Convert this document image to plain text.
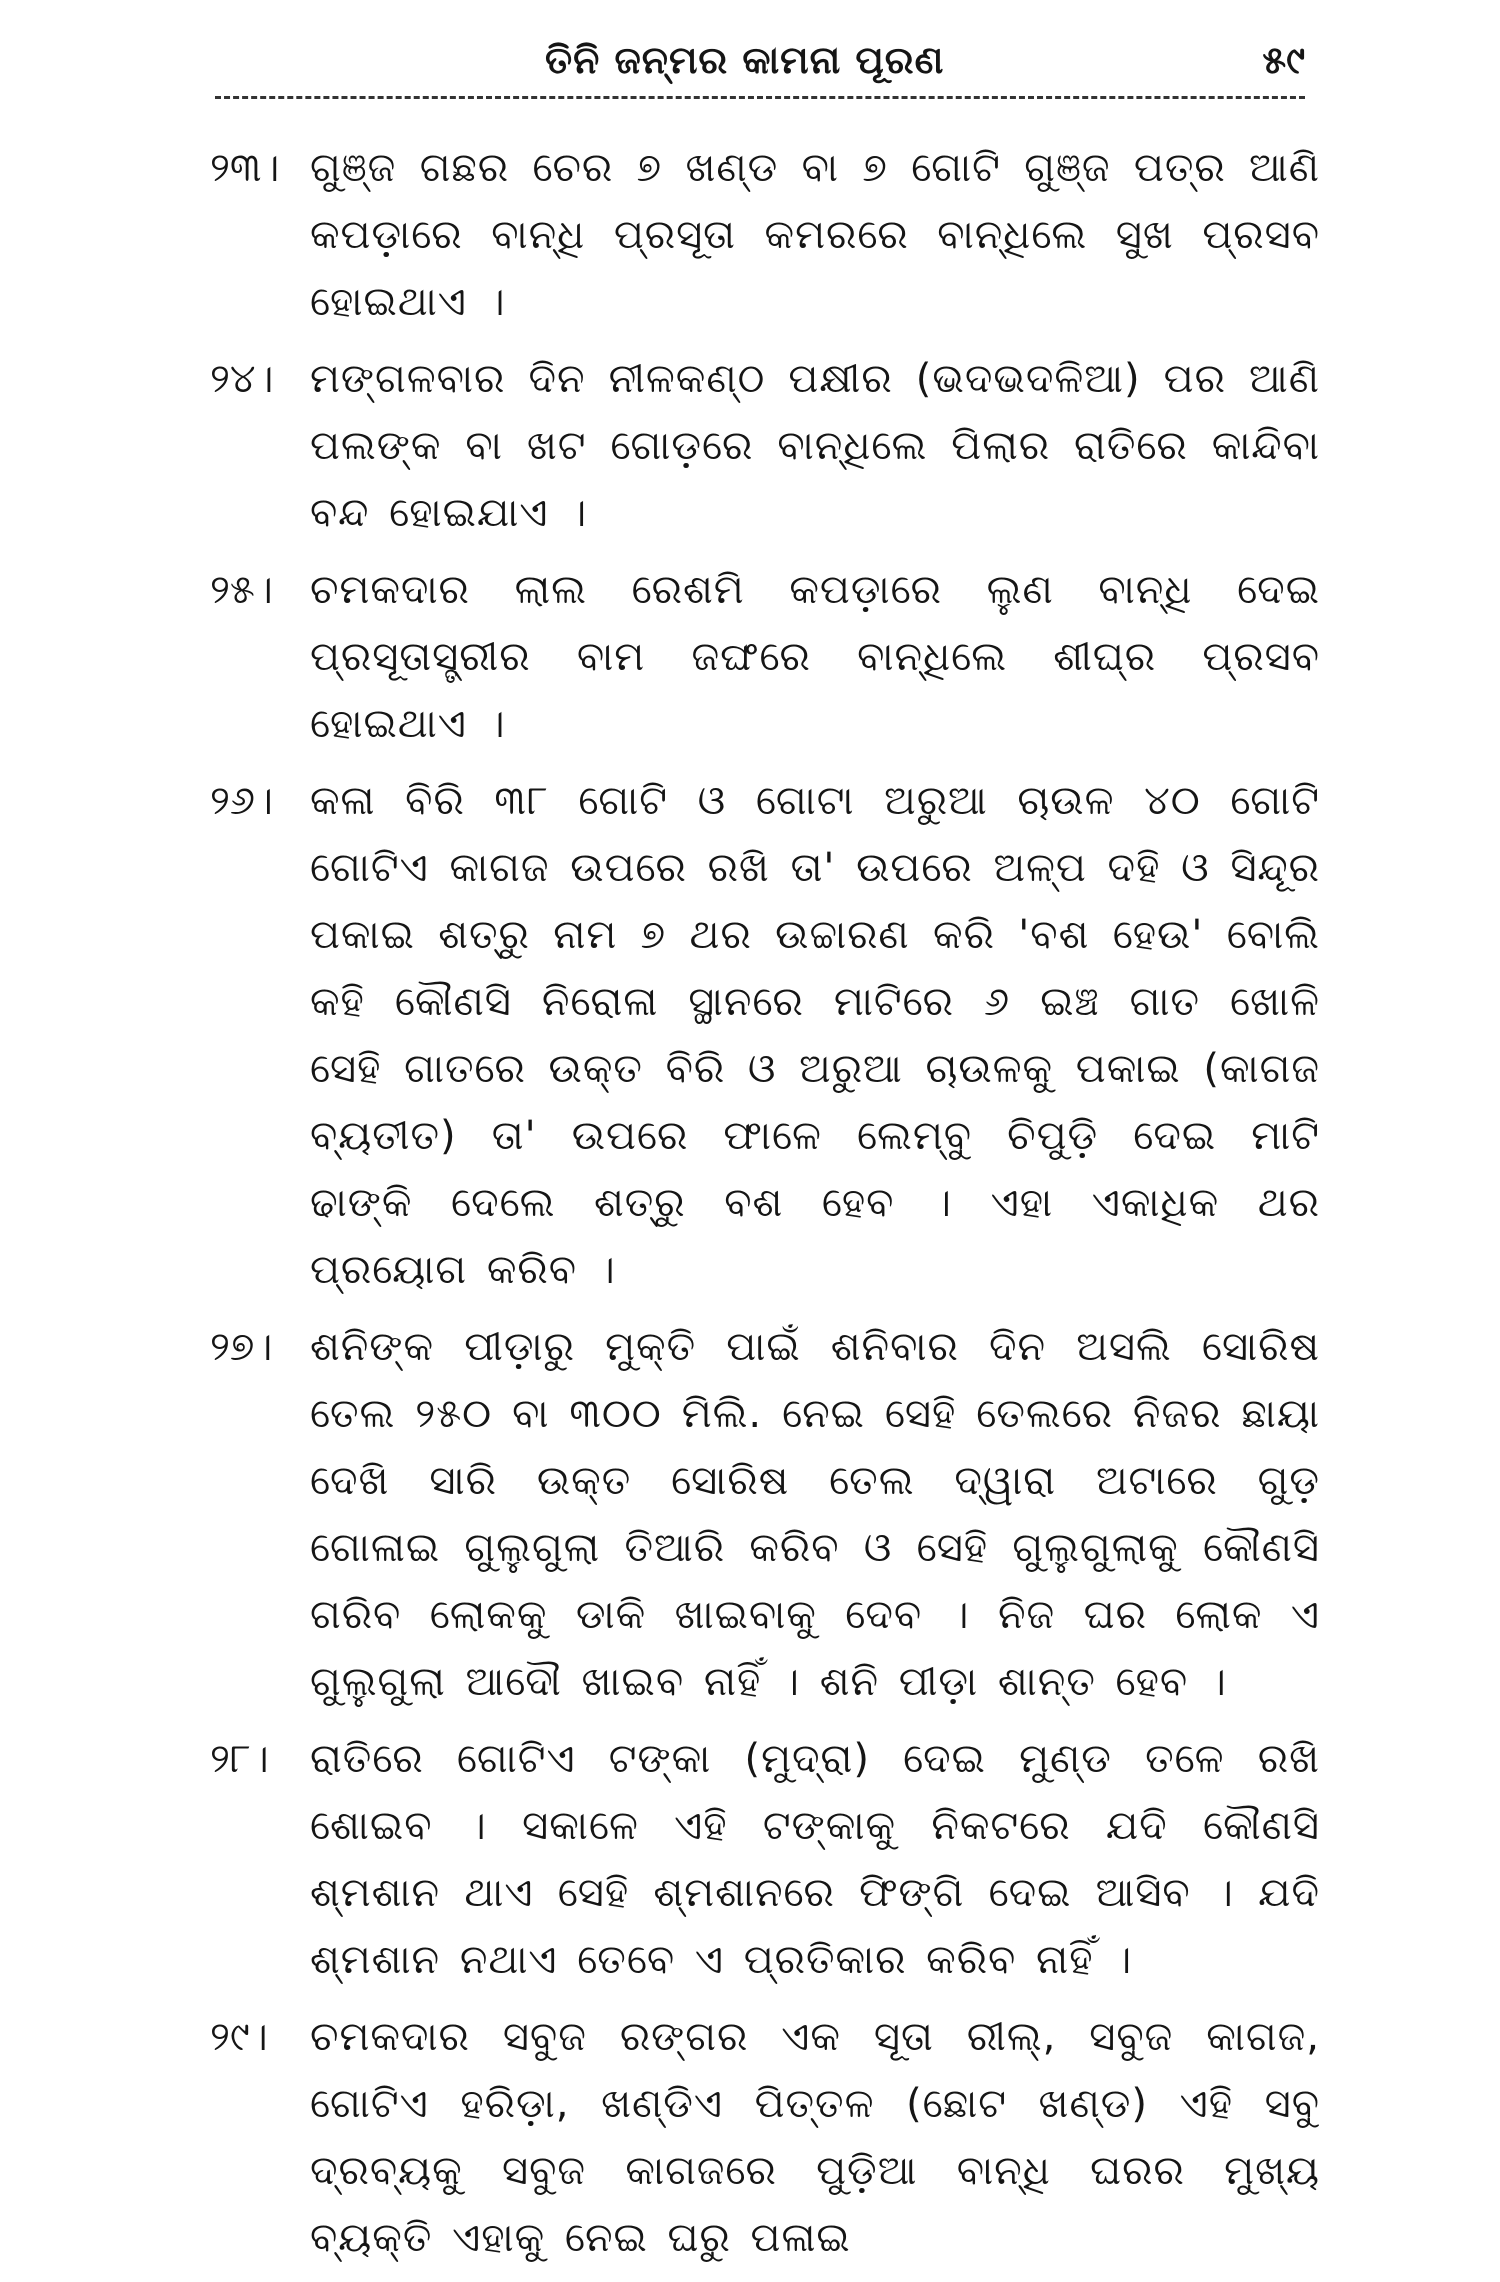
ତିନି ଜନ୍ମର କାମନା ପୂରଣ	୫୯
୨୩। ଗୁଞ୍ଜ ଗଛର ଚେର ୭ ଖଣ୍ଡ ବା ୭ ଗୋଟି ଗୁଞ୍ଜ ପତ୍ର ଆଣି କପଡ଼ାରେ ବାନ୍ଧି ପ୍ରସୂତା କମରରେ ବାନ୍ଧିଲେ ସୁଖ ପ୍ରସବ ହୋଇଥାଏ ।
୨୪। ମଙ୍ଗଳବାର ଦିନ ନୀଳକଣ୍ଠ ପକ୍ଷୀର (ଭଦଭଦଳିଆ) ପର ଆଣି ପଲଙ୍କ ବା ଖଟ ଗୋଡ଼ରେ ବାନ୍ଧିଲେ ପିଲାର ରାତିରେ କାନ୍ଦିବା ବନ୍ଦ ହୋଇଯାଏ ।
୨୫। ଚମକଦାର ଲାଲ ରେଶମି କପଡ଼ାରେ ଲୁଣ ବାନ୍ଧି ଦେଇ ପ୍ରସୂତାସ୍ତ୍ରୀର ବାମ ଜଙ୍ଘରେ ବାନ୍ଧିଲେ ଶୀଘ୍ର ପ୍ରସବ ହୋଇଥାଏ ।
୨୬। କଳା ବିରି ୩୮ ଗୋଟି ଓ ଗୋଟା ଅରୁଆ ଚାଉଳ ୪୦ ଗୋଟି ଗୋଟିଏ କାଗଜ ଉପରେ ରଖି ତା' ଉପରେ ଅଳ୍ପ ଦହି ଓ ସିନ୍ଦୂର ପକାଇ ଶତ୍ରୁ ନାମ ୭ ଥର ଉଚ୍ଚାରଣ କରି 'ବଶ ହେଉ' ବୋଲି କହି କୌଣସି ନିରୋଳା ସ୍ଥାନରେ ମାଟିରେ ୬ ଇଞ୍ଚ ଗାତ ଖୋଳି ସେହି ଗାତରେ ଉକ୍ତ ବିରି ଓ ଅରୁଆ ଚାଉଳକୁ ପକାଇ (କାଗଜ ବ୍ୟତୀତ) ତା' ଉପରେ ଫାଳେ ଲେମ୍ବୁ ଚିପୁଡ଼ି ଦେଇ ମାଟି ଢାଙ୍କି ଦେଲେ ଶତ୍ରୁ ବଶ ହେବ । ଏହା ଏକାଧିକ ଥର ପ୍ରୟୋଗ କରିବ ।
୨୭। ଶନିଙ୍କ ପୀଡ଼ାରୁ ମୁକ୍ତି ପାଇଁ ଶନିବାର ଦିନ ଅସଲି ସୋରିଷ ତେଲ ୨୫୦ ବା ୩୦୦ ମିଲି. ନେଇ ସେହି ତେଲରେ ନିଜର ଛାୟା ଦେଖି ସାରି ଉକ୍ତ ସୋରିଷ ତେଲ ଦ୍ୱାରା ଅଟାରେ ଗୁଡ଼ ଗୋଳାଇ ଗୁଲୁଗୁଲା ତିଆରି କରିବ ଓ ସେହି ଗୁଲୁଗୁଲାକୁ କୌଣସି ଗରିବ ଲୋକକୁ ଡାକି ଖାଇବାକୁ ଦେବ । ନିଜ ଘର ଲୋକ ଏ ଗୁଲୁଗୁଲା ଆଦୌ ଖାଇବ ନାହିଁ । ଶନି ପୀଡ଼ା ଶାନ୍ତ ହେବ ।
୨୮।	ରାତିରେ ଗୋଟିଏ ଟଙ୍କା (ମୁଦ୍ରା) ଦେଇ ମୁଣ୍ଡ ତଳେ ରଖି ଶୋଇବ । ସକାଳେ ଏହି ଟଙ୍କାକୁ ନିକଟରେ ଯଦି କୌଣସି ଶ୍ମଶାନ ଥାଏ ସେହି ଶ୍ମଶାନରେ ଫିଙ୍ଗି ଦେଇ ଆସିବ । ଯଦି ଶ୍ମଶାନ ନଥାଏ ତେବେ ଏ ପ୍ରତିକାର କରିବ ନାହିଁ ।
୨୯।	ଚମକଦାର ସବୁଜ ରଙ୍ଗର ଏକ ସୂତା ରୀଲ୍, ସବୁଜ କାଗଜ, ଗୋଟିଏ ହରିଡ଼ା, ଖଣ୍ଡିଏ ପିତ୍ତଳ (ଛୋଟ ଖଣ୍ଡ) ଏହି ସବୁ ଦ୍ରବ୍ୟକୁ ସବୁଜ କାଗଜରେ ପୁଡ଼ିଆ ବାନ୍ଧି ଘରର ମୁଖ୍ୟ ବ୍ୟକ୍ତି ଏହାକୁ ନେଇ ଘରୁ ପଳାଇ
